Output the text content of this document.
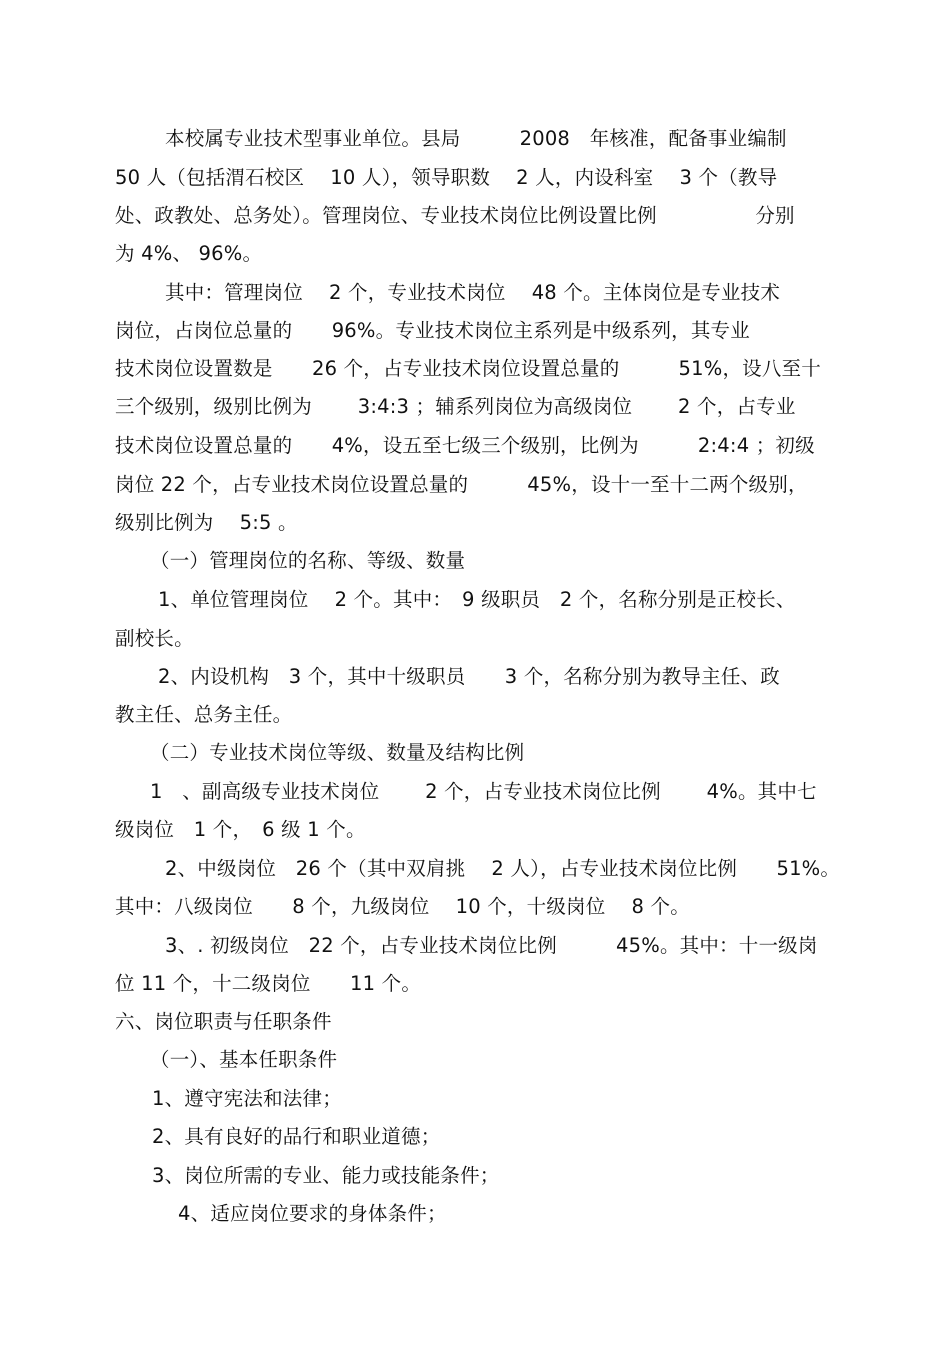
本校属专业技术型事业单位。县局　　　2008　年核准，配备事业编制
50 人（包括渭石校区　 10 人），领导职数　 2 人，内设科室　 3 个（教导
处、政教处、总务处）。管理岗位、专业技术岗位比例设置比例　　　　　分别
为 4%、 96%。
其中：管理岗位　 2 个，专业技术岗位　 48 个。主体岗位是专业技术
岗位，占岗位总量的　　96%。专业技术岗位主系列是中级系列，其专业
技术岗位设置数是　　26 个，占专业技术岗位设置总量的　　　51%，设八至十
三个级别，级别比例为　　 3:4:3 ；辅系列岗位为高级岗位　　 2 个，占专业
技术岗位设置总量的　　4%，设五至七级三个级别，比例为　　　2:4:4 ；初级
岗位 22 个，占专业技术岗位设置总量的　　　45%，设十一至十二两个级别，
级别比例为　 5:5 。
（一）管理岗位的名称、等级、数量
1、单位管理岗位　 2 个。其中：　9 级职员　2 个，名称分别是正校长、
副校长。
2、内设机构　3 个，其中十级职员　　3 个，名称分别为教导主任、政
教主任、总务主任。
（二）专业技术岗位等级、数量及结构比例
1　、副高级专业技术岗位　　 2 个，占专业技术岗位比例　　 4%。其中七
级岗位　1 个，　6 级 1 个。
2、中级岗位　26 个（其中双肩挑　 2 人），占专业技术岗位比例　　51%。
其中：八级岗位　　8 个，九级岗位　 10 个，十级岗位　 8 个。
3、. 初级岗位　22 个，占专业技术岗位比例　　　45%。其中：十一级岗
位 11 个，十二级岗位　　11 个。
六、岗位职责与任职条件
（一）、基本任职条件
1、遵守宪法和法律；
2、具有良好的品行和职业道德；
3、岗位所需的专业、能力或技能条件；
4、适应岗位要求的身体条件；
